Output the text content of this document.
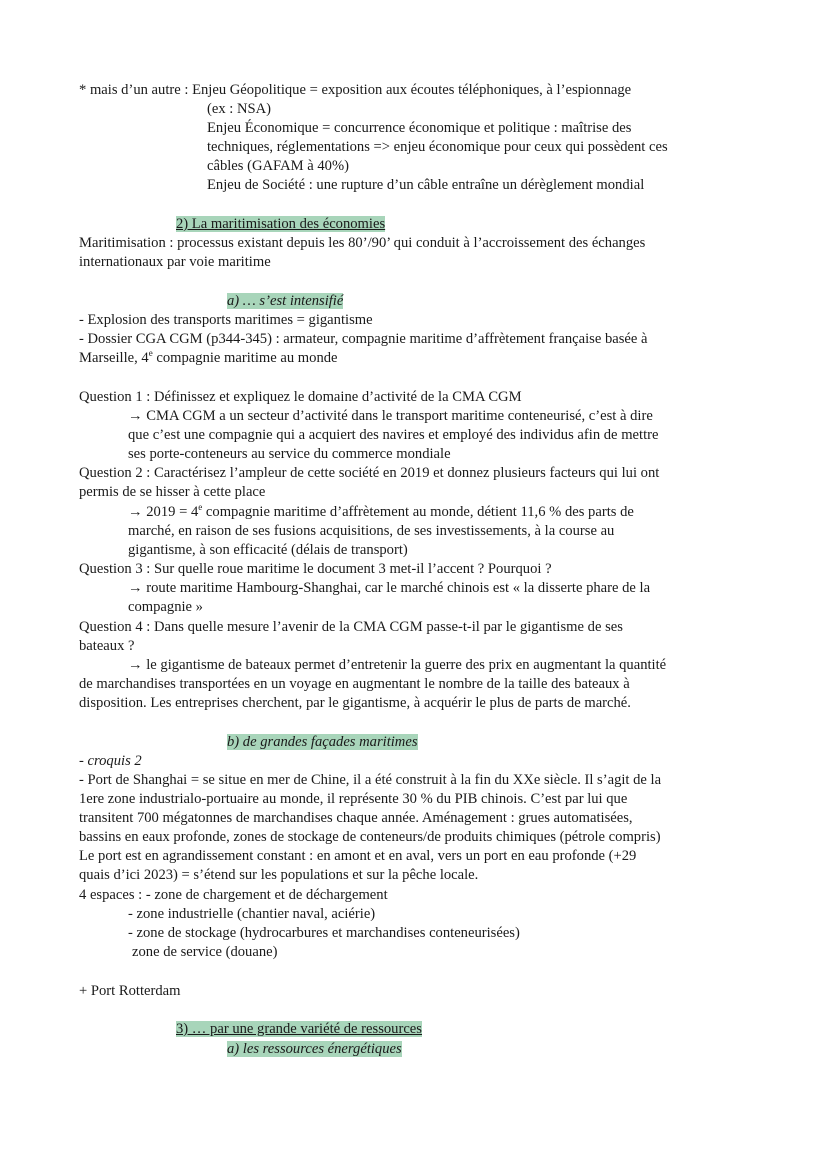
* mais d’un autre : Enjeu Géopolitique = exposition aux écoutes téléphoniques, à l’espionnage
(ex : NSA)
Enjeu Économique = concurrence économique et politique : maîtrise des
techniques, réglementations => enjeu économique pour ceux qui possèdent ces
câbles (GAFAM à 40%)
Enjeu de Société : une rupture d’un câble entraîne un dérèglement mondial
2) La maritimisation des économies
Maritimisation : processus existant depuis les 80’/90’ qui conduit à l’accroissement des échanges
internationaux par voie maritime
a) … s’est intensifié
- Explosion des transports maritimes = gigantisme
- Dossier CGA CGM (p344-345) : armateur, compagnie maritime d’affrètement française basée à
Marseille, 4e compagnie maritime au monde
Question 1 : Définissez et expliquez le domaine d’activité de la CMA CGM
→ CMA CGM a un secteur d’activité dans le transport maritime conteneurisé, c’est à dire
que c’est une compagnie qui a acquiert des navires et employé des individus afin de mettre
ses porte-conteneurs au service du commerce mondiale
Question 2 : Caractérisez l’ampleur de cette société en 2019 et donnez plusieurs facteurs qui lui ont
permis de se hisser à cette place
→ $2019 = 4^e$ compagnie maritime d’affrètement au monde, détient 11,6 % des parts de
marché, en raison de ses fusions acquisitions, de ses investissements, à la course au
gigantisme, à son efficacité (délais de transport)
Question 3 : Sur quelle roue maritime le document 3 met-il l’accent ? Pourquoi ?
→ route maritime Hambourg-Shanghai, car le marché chinois est « la disserte phare de la
compagnie »
Question 4 : Dans quelle mesure l’avenir de la CMA CGM passe-t-il par le gigantisme de ses
bateaux ?
→ le gigantisme de bateaux permet d’entretenir la guerre des prix en augmentant la quantité
de marchandises transportées en un voyage en augmentant le nombre de la taille des bateaux à
disposition. Les entreprises cherchent, par le gigantisme, à acquérir le plus de parts de marché.
b) de grandes façades maritimes
- croquis 2
- Port de Shanghai = se situe en mer de Chine, il a été construit à la fin du XXe siècle. Il s’agit de la
1ere zone industrialo-portuaire au monde, il représente 30 % du PIB chinois. C’est par lui que
transitent 700 mégatonnes de marchandises chaque année. Aménagement : grues automatisées,
bassins en eaux profonde, zones de stockage de conteneurs/de produits chimiques (pétrole compris)
Le port est en agrandissement constant : en amont et en aval, vers un port en eau profonde (+29
quais d’ici 2023) = s’étend sur les populations et sur la pêche locale.
4 espaces : - zone de chargement et de déchargement
- zone industrielle (chantier naval, aciérie)
- zone de stockage (hydrocarbures et marchandises conteneurisées)
zone de service (douane)
+ Port Rotterdam
3) … par une grande variété de ressources
a) les ressources énergétiques
